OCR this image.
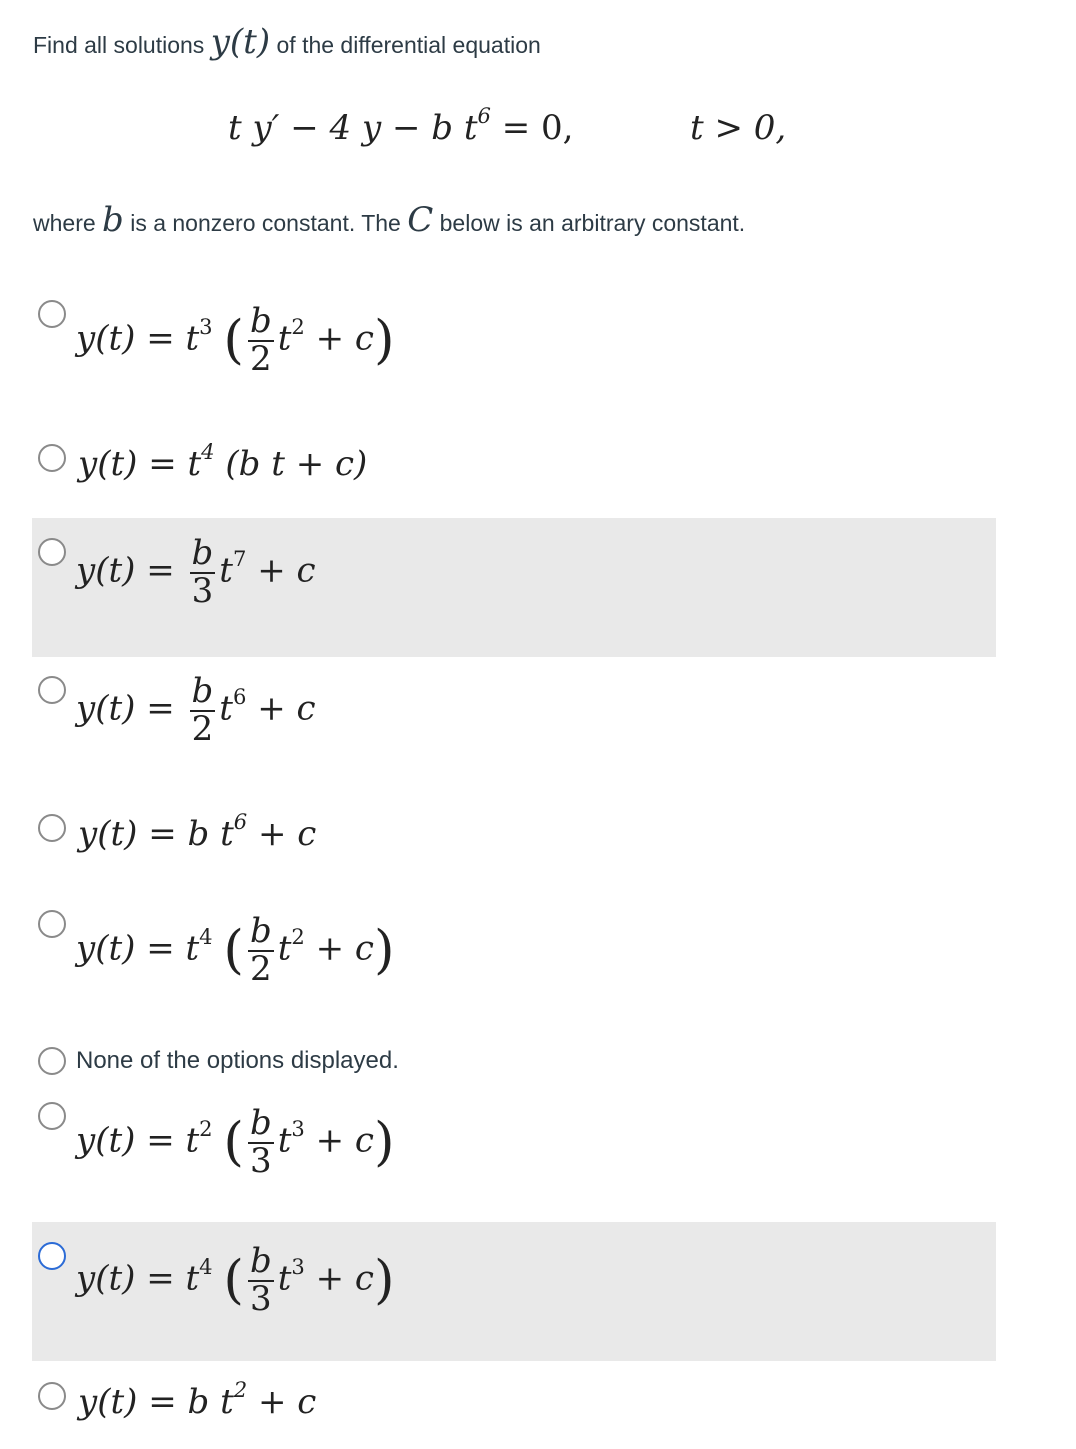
Find all solutions y(t) of the differential equation
t y′ − 4 y − b $t^6 = 0$,	t > 0,
where b is a nonzero constant. The C below is an arbitrary constant.
$y(t) = t^3$ ( $\frac{b}{2} t^2 + c$)
$y(t) = t^4$ (b t + c)
$y(t) = \frac{b}{3} t^7 + c$
$y(t) = \frac{b}{2} t^6 + c$
y(t) = b $t^6 + c$
$y(t) = t^4$ ( $\frac{b}{2} t^2 + c$)
None of the options displayed.
$y(t) = t^2$ ( $\frac{b}{3} t^3 + c$)
$y(t) = t^4$ ( $\frac{b}{3} t^3 + c$)
y(t) = b $t^2 + c$
